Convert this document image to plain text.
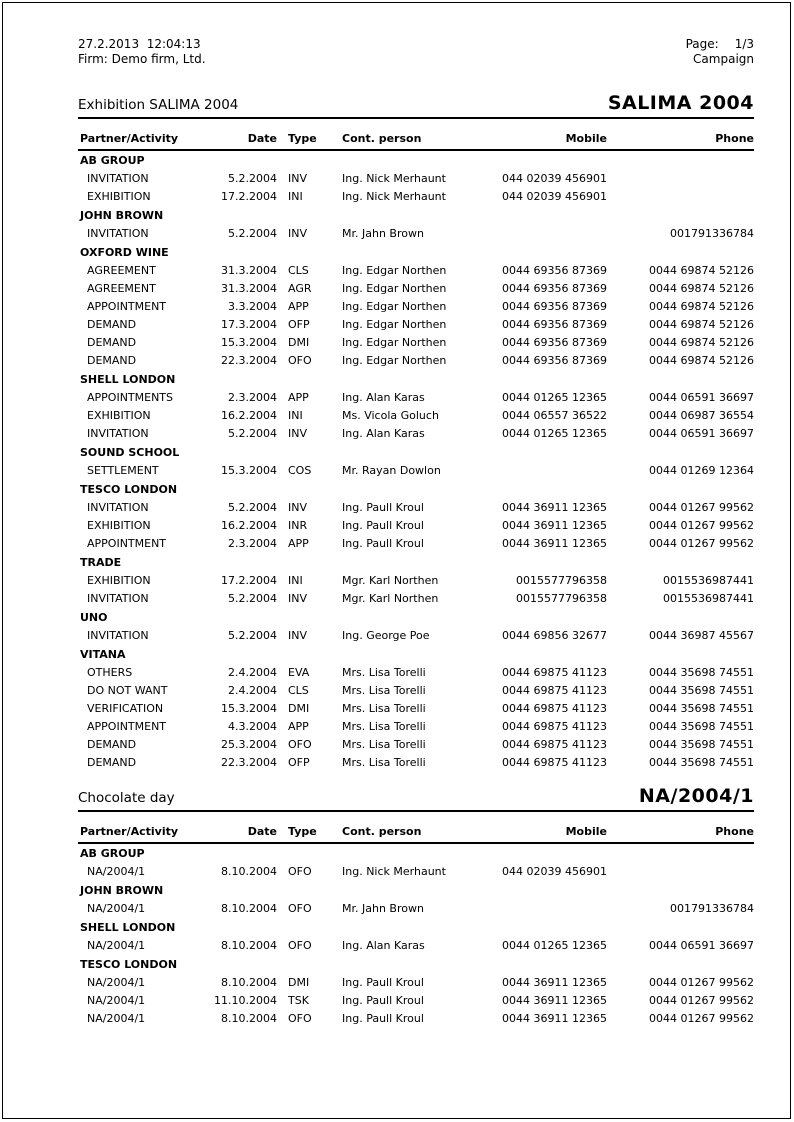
27.2.2013  12:04:13
Firm: Demo firm, Ltd.
Page: 1/3
Campaign
Exhibition SALIMA 2004	SALIMA 2004
Partner/Activity	Date	Type	Cont. person	Mobile	Phone
AB GROUP					
INVITATION	5.2.2004	INV	Ing. Nick Merhaunt	044 02039 456901	
EXHIBITION	17.2.2004	INI	Ing. Nick Merhaunt	044 02039 456901	
JOHN BROWN					
INVITATION	5.2.2004	INV	Mr. Jahn Brown		001791336784
OXFORD WINE					
AGREEMENT	31.3.2004	CLS	Ing. Edgar Northen	0044 69356 87369	0044 69874 52126
AGREEMENT	31.3.2004	AGR	Ing. Edgar Northen	0044 69356 87369	0044 69874 52126
APPOINTMENT	3.3.2004	APP	Ing. Edgar Northen	0044 69356 87369	0044 69874 52126
DEMAND	17.3.2004	OFP	Ing. Edgar Northen	0044 69356 87369	0044 69874 52126
DEMAND	15.3.2004	DMI	Ing. Edgar Northen	0044 69356 87369	0044 69874 52126
DEMAND	22.3.2004	OFO	Ing. Edgar Northen	0044 69356 87369	0044 69874 52126
SHELL LONDON					
APPOINTMENTS	2.3.2004	APP	Ing. Alan Karas	0044 01265 12365	0044 06591 36697
EXHIBITION	16.2.2004	INI	Ms. Vicola Goluch	0044 06557 36522	0044 06987 36554
INVITATION	5.2.2004	INV	Ing. Alan Karas	0044 01265 12365	0044 06591 36697
SOUND SCHOOL					
SETTLEMENT	15.3.2004	COS	Mr. Rayan Dowlon		0044 01269 12364
TESCO LONDON					
INVITATION	5.2.2004	INV	Ing. Paull Kroul	0044 36911 12365	0044 01267 99562
EXHIBITION	16.2.2004	INR	Ing. Paull Kroul	0044 36911 12365	0044 01267 99562
APPOINTMENT	2.3.2004	APP	Ing. Paull Kroul	0044 36911 12365	0044 01267 99562
TRADE					
EXHIBITION	17.2.2004	INI	Mgr. Karl Northen	0015577796358	0015536987441
INVITATION	5.2.2004	INV	Mgr. Karl Northen	0015577796358	0015536987441
UNO					
INVITATION	5.2.2004	INV	Ing. George Poe	0044 69856 32677	0044 36987 45567
VITANA					
OTHERS	2.4.2004	EVA	Mrs. Lisa Torelli	0044 69875 41123	0044 35698 74551
DO NOT WANT	2.4.2004	CLS	Mrs. Lisa Torelli	0044 69875 41123	0044 35698 74551
VERIFICATION	15.3.2004	DMI	Mrs. Lisa Torelli	0044 69875 41123	0044 35698 74551
APPOINTMENT	4.3.2004	APP	Mrs. Lisa Torelli	0044 69875 41123	0044 35698 74551
DEMAND	25.3.2004	OFO	Mrs. Lisa Torelli	0044 69875 41123	0044 35698 74551
DEMAND	22.3.2004	OFP	Mrs. Lisa Torelli	0044 69875 41123	0044 35698 74551
Chocolate day	NA/2004/1
Partner/Activity	Date	Type	Cont. person	Mobile	Phone
AB GROUP					
NA/2004/1	8.10.2004	OFO	Ing. Nick Merhaunt	044 02039 456901	
JOHN BROWN					
NA/2004/1	8.10.2004	OFO	Mr. Jahn Brown		001791336784
SHELL LONDON					
NA/2004/1	8.10.2004	OFO	Ing. Alan Karas	0044 01265 12365	0044 06591 36697
TESCO LONDON					
NA/2004/1	8.10.2004	DMI	Ing. Paull Kroul	0044 36911 12365	0044 01267 99562
NA/2004/1	11.10.2004	TSK	Ing. Paull Kroul	0044 36911 12365	0044 01267 99562
NA/2004/1	8.10.2004	OFO	Ing. Paull Kroul	0044 36911 12365	0044 01267 99562
